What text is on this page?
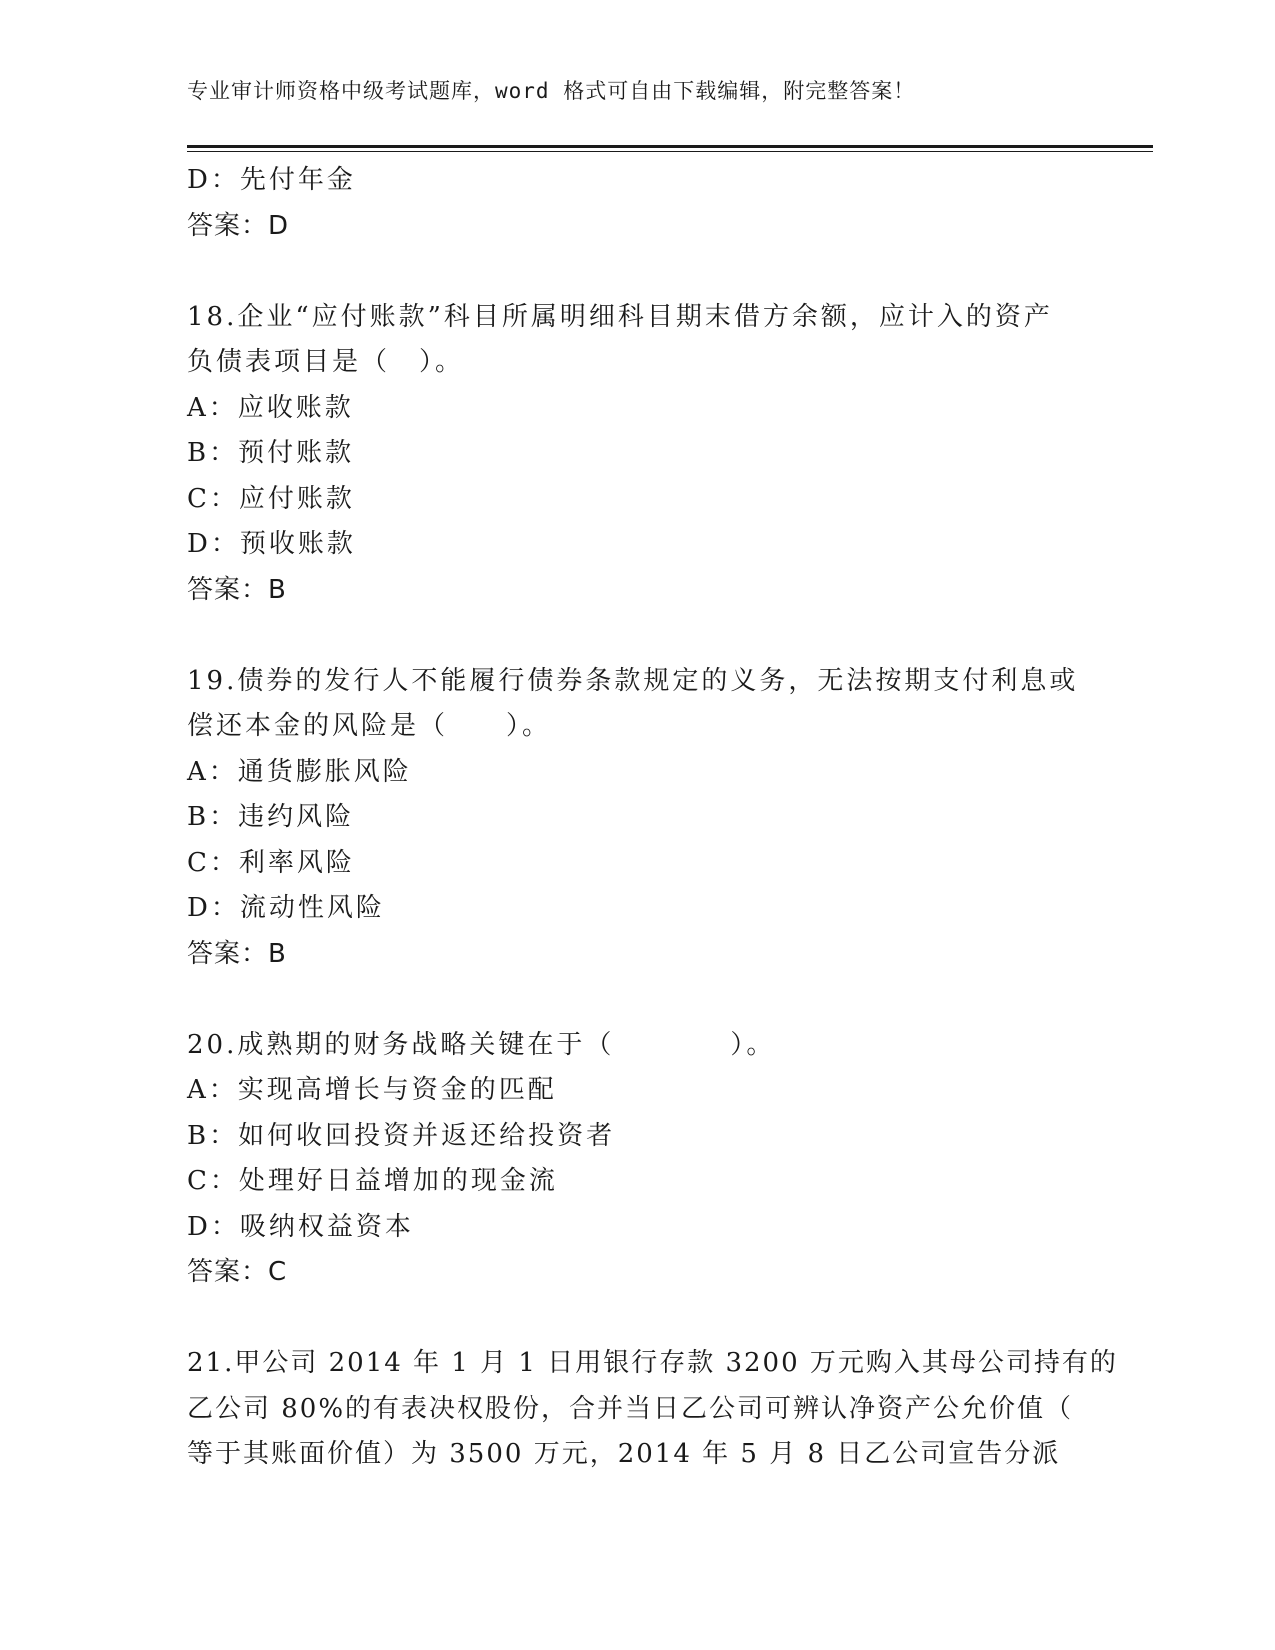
专业审计师资格中级考试题库，word 格式可自由下载编辑，附完整答案！
D：先付年金
答案：D
18.企业“应付账款”科目所属明细科目期末借方余额，应计入的资产
负债表项目是（　）。
A：应收账款
B：预付账款
C：应付账款
D：预收账款
答案：B
19.债券的发行人不能履行债券条款规定的义务，无法按期支付利息或
偿还本金的风险是（　　）。
A：通货膨胀风险
B：违约风险
C：利率风险
D：流动性风险
答案：B
20.成熟期的财务战略关键在于（　　　　）。
A：实现高增长与资金的匹配
B：如何收回投资并返还给投资者
C：处理好日益增加的现金流
D：吸纳权益资本
答案：C
21.甲公司 2014 年 1 月 1 日用银行存款 3200 万元购入其母公司持有的
乙公司 80%的有表决权股份，合并当日乙公司可辨认净资产公允价值（
等于其账面价值）为 3500 万元，2014 年 5 月 8 日乙公司宣告分派
